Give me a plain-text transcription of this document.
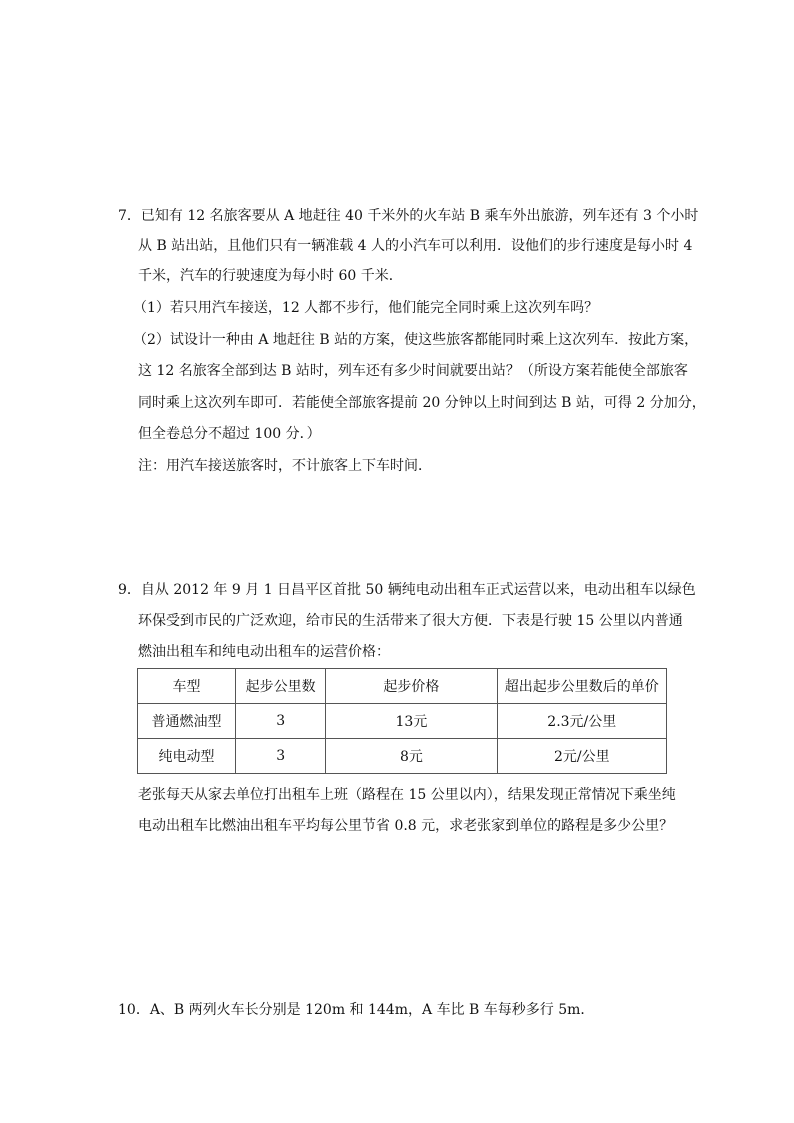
7．已知有 12 名旅客要从 A 地赶往 40 千米外的火车站 B 乘车外出旅游，列车还有 3 个小时
从 B 站出站，且他们只有一辆准载 4 人的小汽车可以利用．设他们的步行速度是每小时 4
千米，汽车的行驶速度为每小时 60 千米．
（1）若只用汽车接送，12 人都不步行，他们能完全同时乘上这次列车吗？
（2）试设计一种由 A 地赶往 B 站的方案，使这些旅客都能同时乘上这次列车．按此方案，
这 12 名旅客全部到达 B 站时，列车还有多少时间就要出站？（所设方案若能使全部旅客
同时乘上这次列车即可．若能使全部旅客提前 20 分钟以上时间到达 B 站，可得 2 分加分，
但全卷总分不超过 100 分．）
注：用汽车接送旅客时，不计旅客上下车时间．
9．自从 2012 年 9 月 1 日昌平区首批 50 辆纯电动出租车正式运营以来，电动出租车以绿色
环保受到市民的广泛欢迎，给市民的生活带来了很大方便．下表是行驶 15 公里以内普通
燃油出租车和纯电动出租车的运营价格：
车型	起步公里数	起步价格	超出起步公里数后的单价
普通燃油型	3	13元	2.3元/公里
纯电动型	3	8元	2元/公里
老张每天从家去单位打出租车上班（路程在 15 公里以内），结果发现正常情况下乘坐纯
电动出租车比燃油出租车平均每公里节省 0.8 元，求老张家到单位的路程是多少公里？
10．A、B 两列火车长分别是 120m 和 144m，A 车比 B 车每秒多行 5m．
